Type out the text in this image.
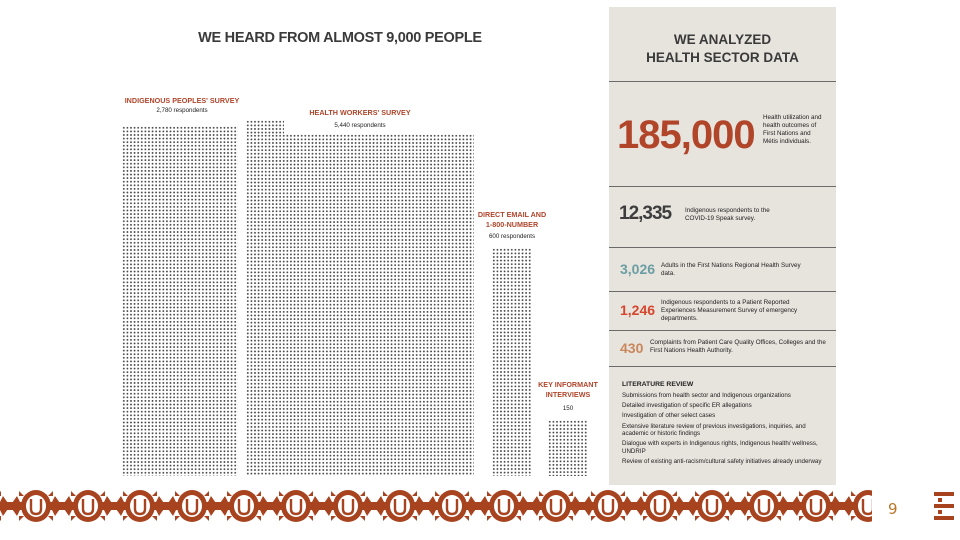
WE HEARD FROM ALMOST 9,000 PEOPLE
INDIGENOUS PEOPLES' SURVEY
2,780 respondents	HEALTH WORKERS' SURVEY
5,440 respondents
DIRECT EMAIL AND
1-800-NUMBER
600 respondents
KEY INFORMANT
INTERVIEWS
150
WE ANALYZED
HEALTH SECTOR DATA
185,000 Health utilization and health outcomes of First Nations and Métis individuals.
12,335 Indigenous respondents to the COVID-19 Speak survey.
3,026 Adults in the First Nations Regional Health Survey data.
1,246 Indigenous respondents to a Patient Reported Experiences Measurement Survey of emergency departments.
430 Complaints from Patient Care Quality Offices, Colleges and the First Nations Health Authority.
LITERATURE REVIEW
Submissions from health sector and Indigenous organizations
Detailed investigation of specific ER allegations
Investigation of other select cases
Extensive literature review of previous investigations, inquiries, and academic or historic findings
Dialogue with experts in Indigenous rights, Indigenous health/ wellness, UNDRIP
Review of existing anti-racism/cultural safety initiatives already underway
9
